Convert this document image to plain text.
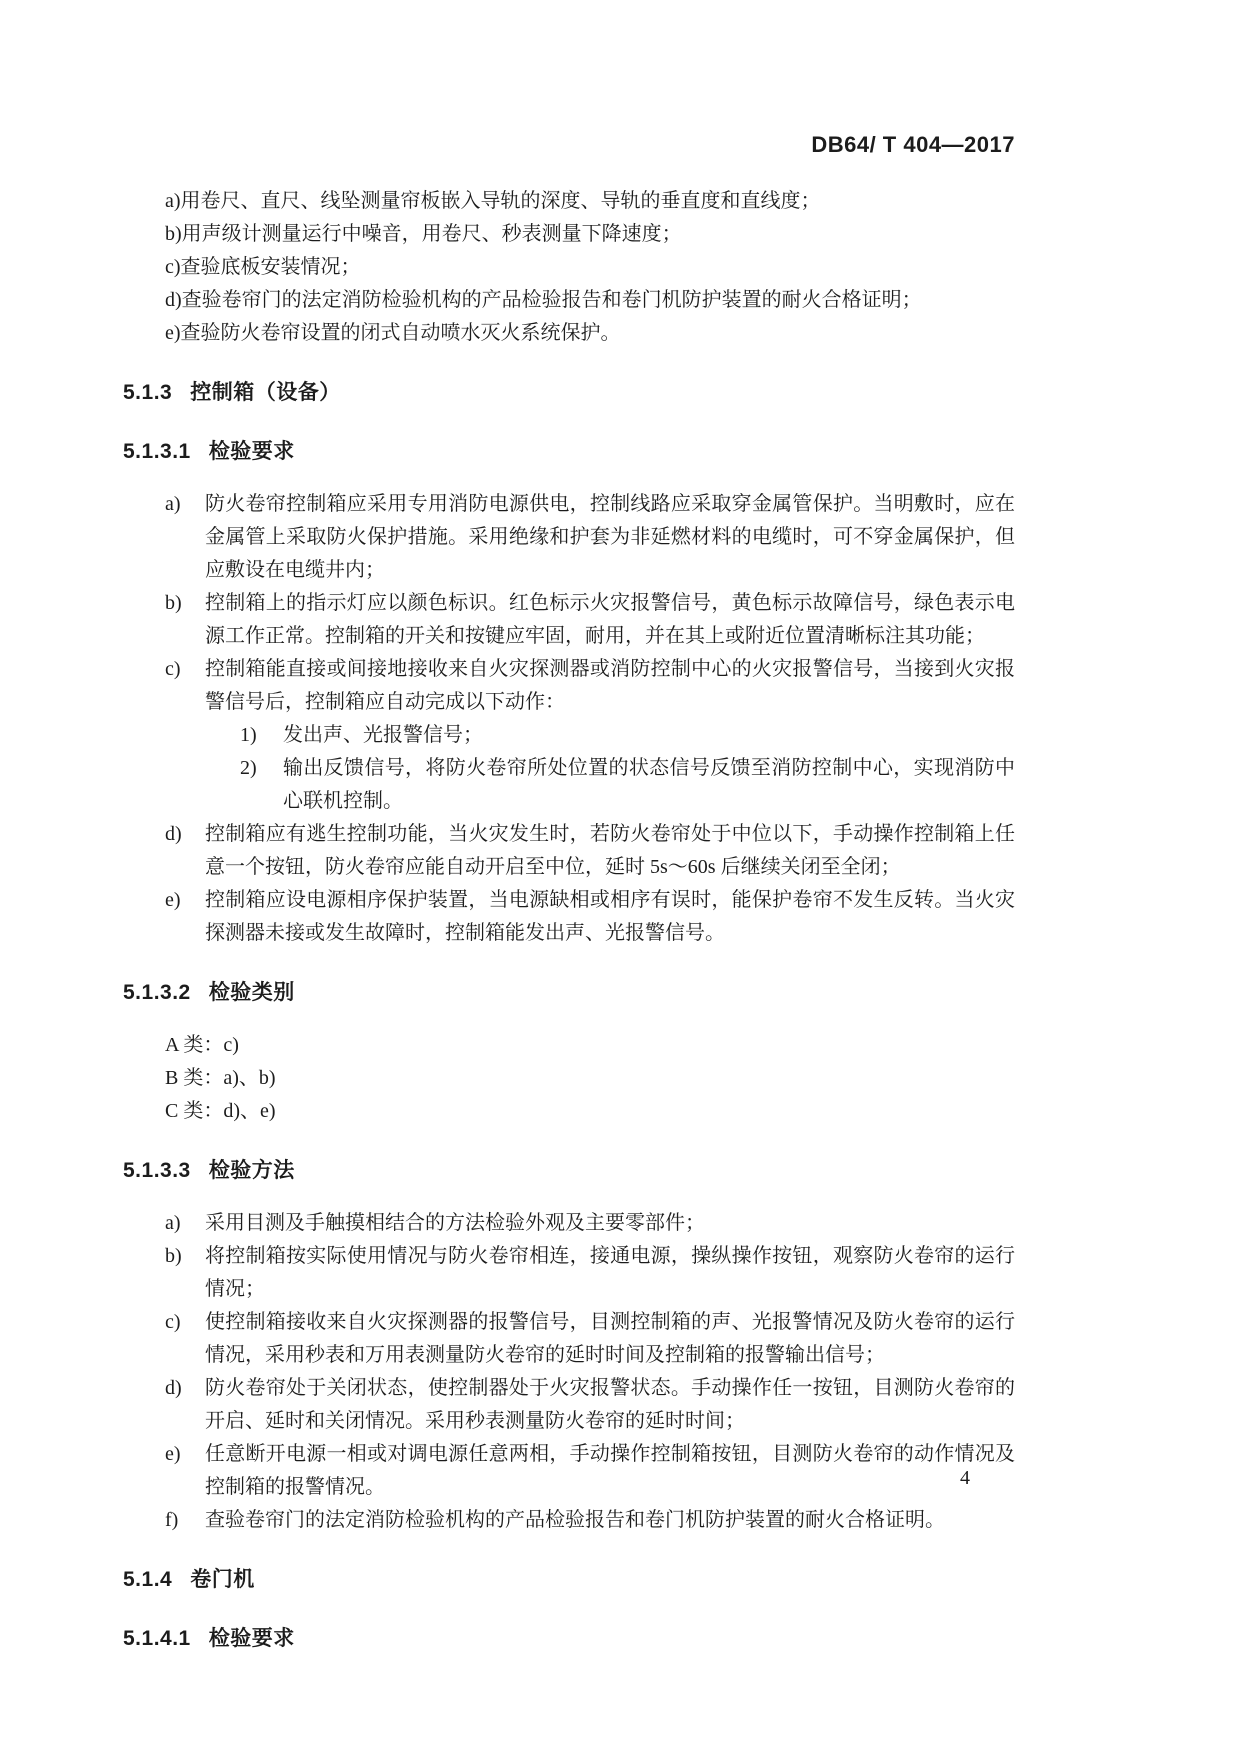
DB64/ T 404—2017
a)用卷尺、直尺、线坠测量帘板嵌入导轨的深度、导轨的垂直度和直线度；
b)用声级计测量运行中噪音，用卷尺、秒表测量下降速度；
c)查验底板安装情况；
d)查验卷帘门的法定消防检验机构的产品检验报告和卷门机防护装置的耐火合格证明；
e)查验防火卷帘设置的闭式自动喷水灭火系统保护。
5.1.3 控制箱（设备）
5.1.3.1 检验要求
a) 防火卷帘控制箱应采用专用消防电源供电，控制线路应采取穿金属管保护。当明敷时，应在金属管上采取防火保护措施。采用绝缘和护套为非延燃材料的电缆时，可不穿金属保护，但应敷设在电缆井内；
b) 控制箱上的指示灯应以颜色标识。红色标示火灾报警信号，黄色标示故障信号，绿色表示电源工作正常。控制箱的开关和按键应牢固，耐用，并在其上或附近位置清晰标注其功能；
c) 控制箱能直接或间接地接收来自火灾探测器或消防控制中心的火灾报警信号，当接到火灾报警信号后，控制箱应自动完成以下动作：
1) 发出声、光报警信号；
2) 输出反馈信号，将防火卷帘所处位置的状态信号反馈至消防控制中心，实现消防中心联机控制。
d) 控制箱应有逃生控制功能，当火灾发生时，若防火卷帘处于中位以下，手动操作控制箱上任意一个按钮，防火卷帘应能自动开启至中位，延时 5s～60s 后继续关闭至全闭；
e) 控制箱应设电源相序保护装置，当电源缺相或相序有误时，能保护卷帘不发生反转。当火灾探测器未接或发生故障时，控制箱能发出声、光报警信号。
5.1.3.2 检验类别
A 类：c)
B 类：a)、b)
C 类：d)、e)
5.1.3.3 检验方法
a) 采用目测及手触摸相结合的方法检验外观及主要零部件；
b) 将控制箱按实际使用情况与防火卷帘相连，接通电源，操纵操作按钮，观察防火卷帘的运行情况；
c) 使控制箱接收来自火灾探测器的报警信号，目测控制箱的声、光报警情况及防火卷帘的运行情况，采用秒表和万用表测量防火卷帘的延时时间及控制箱的报警输出信号；
d) 防火卷帘处于关闭状态，使控制器处于火灾报警状态。手动操作任一按钮，目测防火卷帘的开启、延时和关闭情况。采用秒表测量防火卷帘的延时时间；
e) 任意断开电源一相或对调电源任意两相，手动操作控制箱按钮，目测防火卷帘的动作情况及控制箱的报警情况。
f) 查验卷帘门的法定消防检验机构的产品检验报告和卷门机防护装置的耐火合格证明。
5.1.4 卷门机
5.1.4.1 检验要求
4
